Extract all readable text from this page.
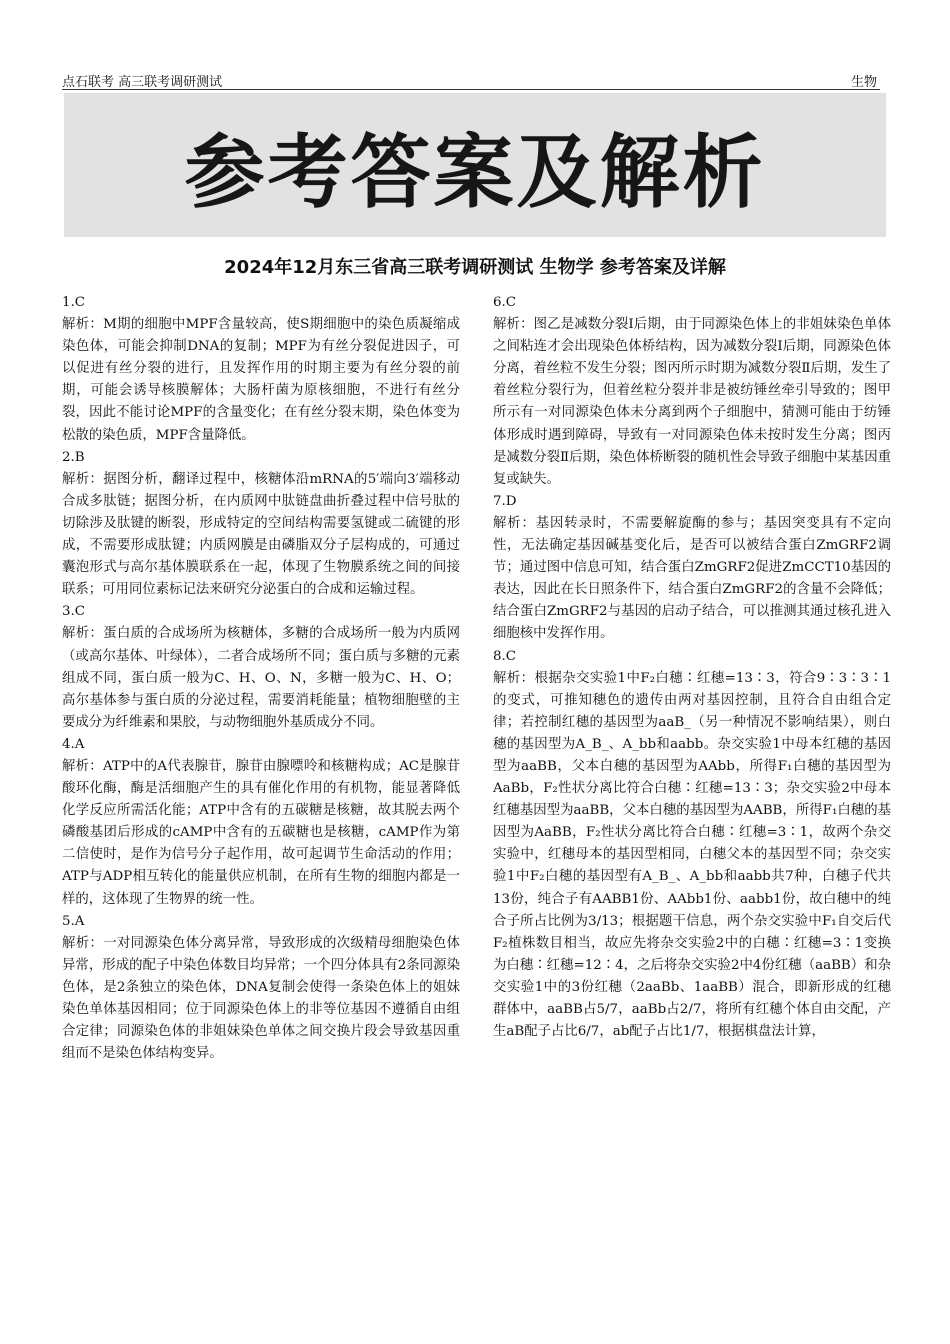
点石联考 高三联考调研测试	生物
参考答案及解析
2024年12月东三省高三联考调研测试 生物学 参考答案及详解

1.C

解析：M期的细胞中MPF含量较高，使S期细胞中的染色质凝缩成染色体，可能会抑制DNA的复制；MPF为有丝分裂促进因子，可以促进有丝分裂的进行，且发挥作用的时期主要为有丝分裂的前期，可能会诱导核膜解体；大肠杆菌为原核细胞，不进行有丝分裂，因此不能讨论MPF的含量变化；在有丝分裂末期，染色体变为松散的染色质，MPF含量降低。

2.B

解析：据图分析，翻译过程中，核糖体沿mRNA的5′端向3′端移动合成多肽链；据图分析，在内质网中肽链盘曲折叠过程中信号肽的切除涉及肽键的断裂，形成特定的空间结构需要氢键或二硫键的形成，不需要形成肽键；内质网膜是由磷脂双分子层构成的，可通过囊泡形式与高尔基体膜联系在一起，体现了生物膜系统之间的间接联系；可用同位素标记法来研究分泌蛋白的合成和运输过程。

3.C

解析：蛋白质的合成场所为核糖体，多糖的合成场所一般为内质网（或高尔基体、叶绿体），二者合成场所不同；蛋白质与多糖的元素组成不同，蛋白质一般为C、H、O、N，多糖一般为C、H、O；高尔基体参与蛋白质的分泌过程，需要消耗能量；植物细胞壁的主要成分为纤维素和果胶，与动物细胞外基质成分不同。

4.A

解析：ATP中的A代表腺苷，腺苷由腺嘌呤和核糖构成；AC是腺苷酸环化酶，酶是活细胞产生的具有催化作用的有机物，能显著降低化学反应所需活化能；ATP中含有的五碳糖是核糖，故其脱去两个磷酸基团后形成的cAMP中含有的五碳糖也是核糖，cAMP作为第二信使时，是作为信号分子起作用，故可起调节生命活动的作用；ATP与ADP相互转化的能量供应机制，在所有生物的细胞内都是一样的，这体现了生物界的统一性。

5.A

解析：一对同源染色体分离异常，导致形成的次级精母细胞染色体异常，形成的配子中染色体数目均异常；一个四分体具有2条同源染色体，是2条独立的染色体，DNA复制会使得一条染色体上的姐妹染色单体基因相同；位于同源染色体上的非等位基因不遵循自由组合定律；同源染色体的非姐妹染色单体之间交换片段会导致基因重组而不是染色体结构变异。

6.C

解析：图乙是减数分裂Ⅰ后期，由于同源染色体上的非姐妹染色单体之间粘连才会出现染色体桥结构，因为减数分裂Ⅰ后期，同源染色体分离，着丝粒不发生分裂；图丙所示时期为减数分裂Ⅱ后期，发生了着丝粒分裂行为，但着丝粒分裂并非是被纺锤丝牵引导致的；图甲所示有一对同源染色体未分离到两个子细胞中，猜测可能由于纺锤体形成时遇到障碍，导致有一对同源染色体未按时发生分离；图丙是减数分裂Ⅱ后期，染色体桥断裂的随机性会导致子细胞中某基因重复或缺失。

7.D

解析：基因转录时，不需要解旋酶的参与；基因突变具有不定向性，无法确定基因碱基变化后，是否可以被结合蛋白ZmGRF2调节；通过图中信息可知，结合蛋白ZmGRF2促进ZmCCT10基因的表达，因此在长日照条件下，结合蛋白ZmGRF2的含量不会降低；结合蛋白ZmGRF2与基因的启动子结合，可以推测其通过核孔进入细胞核中发挥作用。

8.C

解析：根据杂交实验1中F₂白穗∶红穗=13∶3，符合9∶3∶3∶1的变式，可推知穗色的遗传由两对基因控制，且符合自由组合定律；若控制红穗的基因型为aaB_（另一种情况不影响结果），则白穗的基因型为A_B_、A_bb和aabb。杂交实验1中母本红穗的基因型为aaBB，父本白穗的基因型为AAbb，所得F₁白穗的基因型为AaBb，F₂性状分离比符合白穗∶红穗=13∶3；杂交实验2中母本红穗基因型为aaBB，父本白穗的基因型为AABB，所得F₁白穗的基因型为AaBB，F₂性状分离比符合白穗∶红穗=3∶1，故两个杂交实验中，红穗母本的基因型相同，白穗父本的基因型不同；杂交实验1中F₂白穗的基因型有A_B_、A_bb和aabb共7种，白穗子代共13份，纯合子有AABB1份、AAbb1份、aabb1份，故白穗中的纯合子所占比例为3/13；根据题干信息，两个杂交实验中F₁自交后代F₂植株数目相当，故应先将杂交实验2中的白穗∶红穗=3∶1变换为白穗∶红穗=12∶4，之后将杂交实验2中4份红穗（aaBB）和杂交实验1中的3份红穗（2aaBb、1aaBB）混合，即新形成的红穗群体中，aaBB占5/7，aaBb占2/7，将所有红穗个体自由交配，产生aB配子占比6/7，ab配子占比1/7，根据棋盘法计算，
